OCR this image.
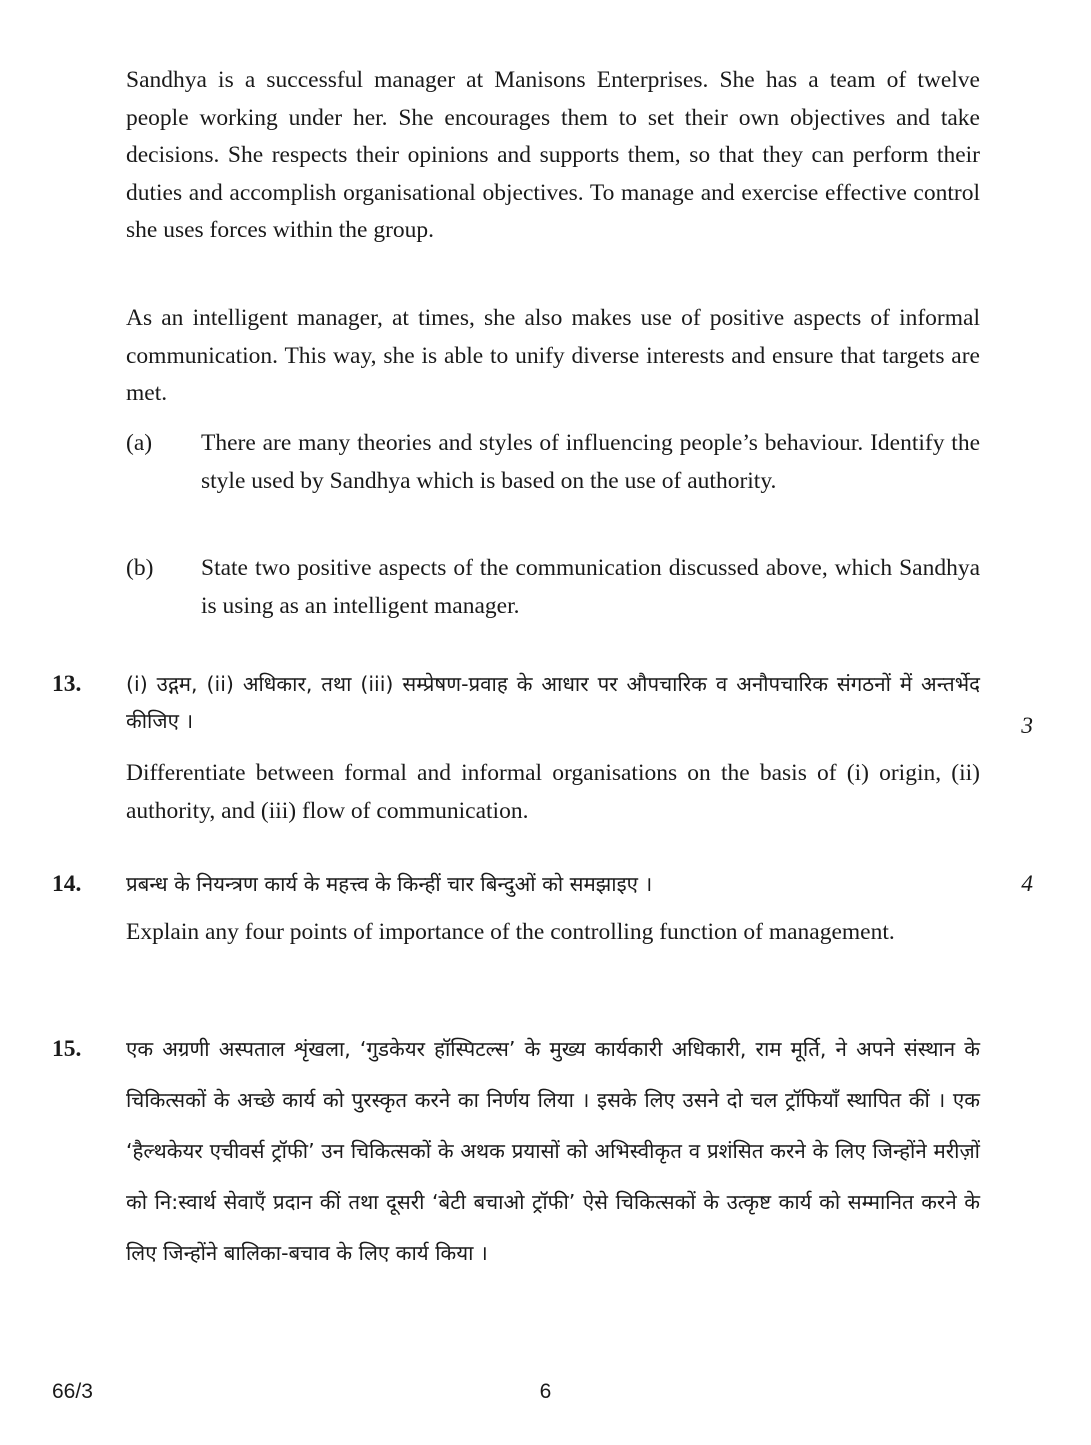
Sandhya is a successful manager at Manisons Enterprises. She has a team of twelve people working under her. She encourages them to set their own objectives and take decisions. She respects their opinions and supports them, so that they can perform their duties and accomplish organisational objectives. To manage and exercise effective control she uses forces within the group.

As an intelligent manager, at times, she also makes use of positive aspects of informal communication. This way, she is able to unify diverse interests and ensure that targets are met.

(a) There are many theories and styles of influencing people’s behaviour. Identify the style used by Sandhya which is based on the use of authority.

(b) State two positive aspects of the communication discussed above, which Sandhya is using as an intelligent manager.

13. (i) उद्गम, (ii) अधिकार, तथा (iii) सम्प्रेषण-प्रवाह के आधार पर औपचारिक व अनौपचारिक संगठनों में अन्तर्भेद कीजिए ।	3

Differentiate between formal and informal organisations on the basis of (i) origin, (ii) authority, and (iii) flow of communication.

14. प्रबन्ध के नियन्त्रण कार्य के महत्त्व के किन्हीं चार बिन्दुओं को समझाइए ।	4

Explain any four points of importance of the controlling function of management.

15. एक अग्रणी अस्पताल शृंखला, ‘गुडकेयर हॉस्पिटल्स’ के मुख्य कार्यकारी अधिकारी, राम मूर्ति, ने अपने संस्थान के चिकित्सकों के अच्छे कार्य को पुरस्कृत करने का निर्णय लिया । इसके लिए उसने दो चल ट्रॉफियाँ स्थापित कीं । एक ‘हैल्थकेयर एचीवर्स ट्रॉफी’ उन चिकित्सकों के अथक प्रयासों को अभिस्वीकृत व प्रशंसित करने के लिए जिन्होंने मरीज़ों को नि:स्वार्थ सेवाएँ प्रदान कीं तथा दूसरी ‘बेटी बचाओ ट्रॉफी’ ऐसे चिकित्सकों के उत्कृष्ट कार्य को सम्मानित करने के लिए जिन्होंने बालिका-बचाव के लिए कार्य किया ।

66/3	6
